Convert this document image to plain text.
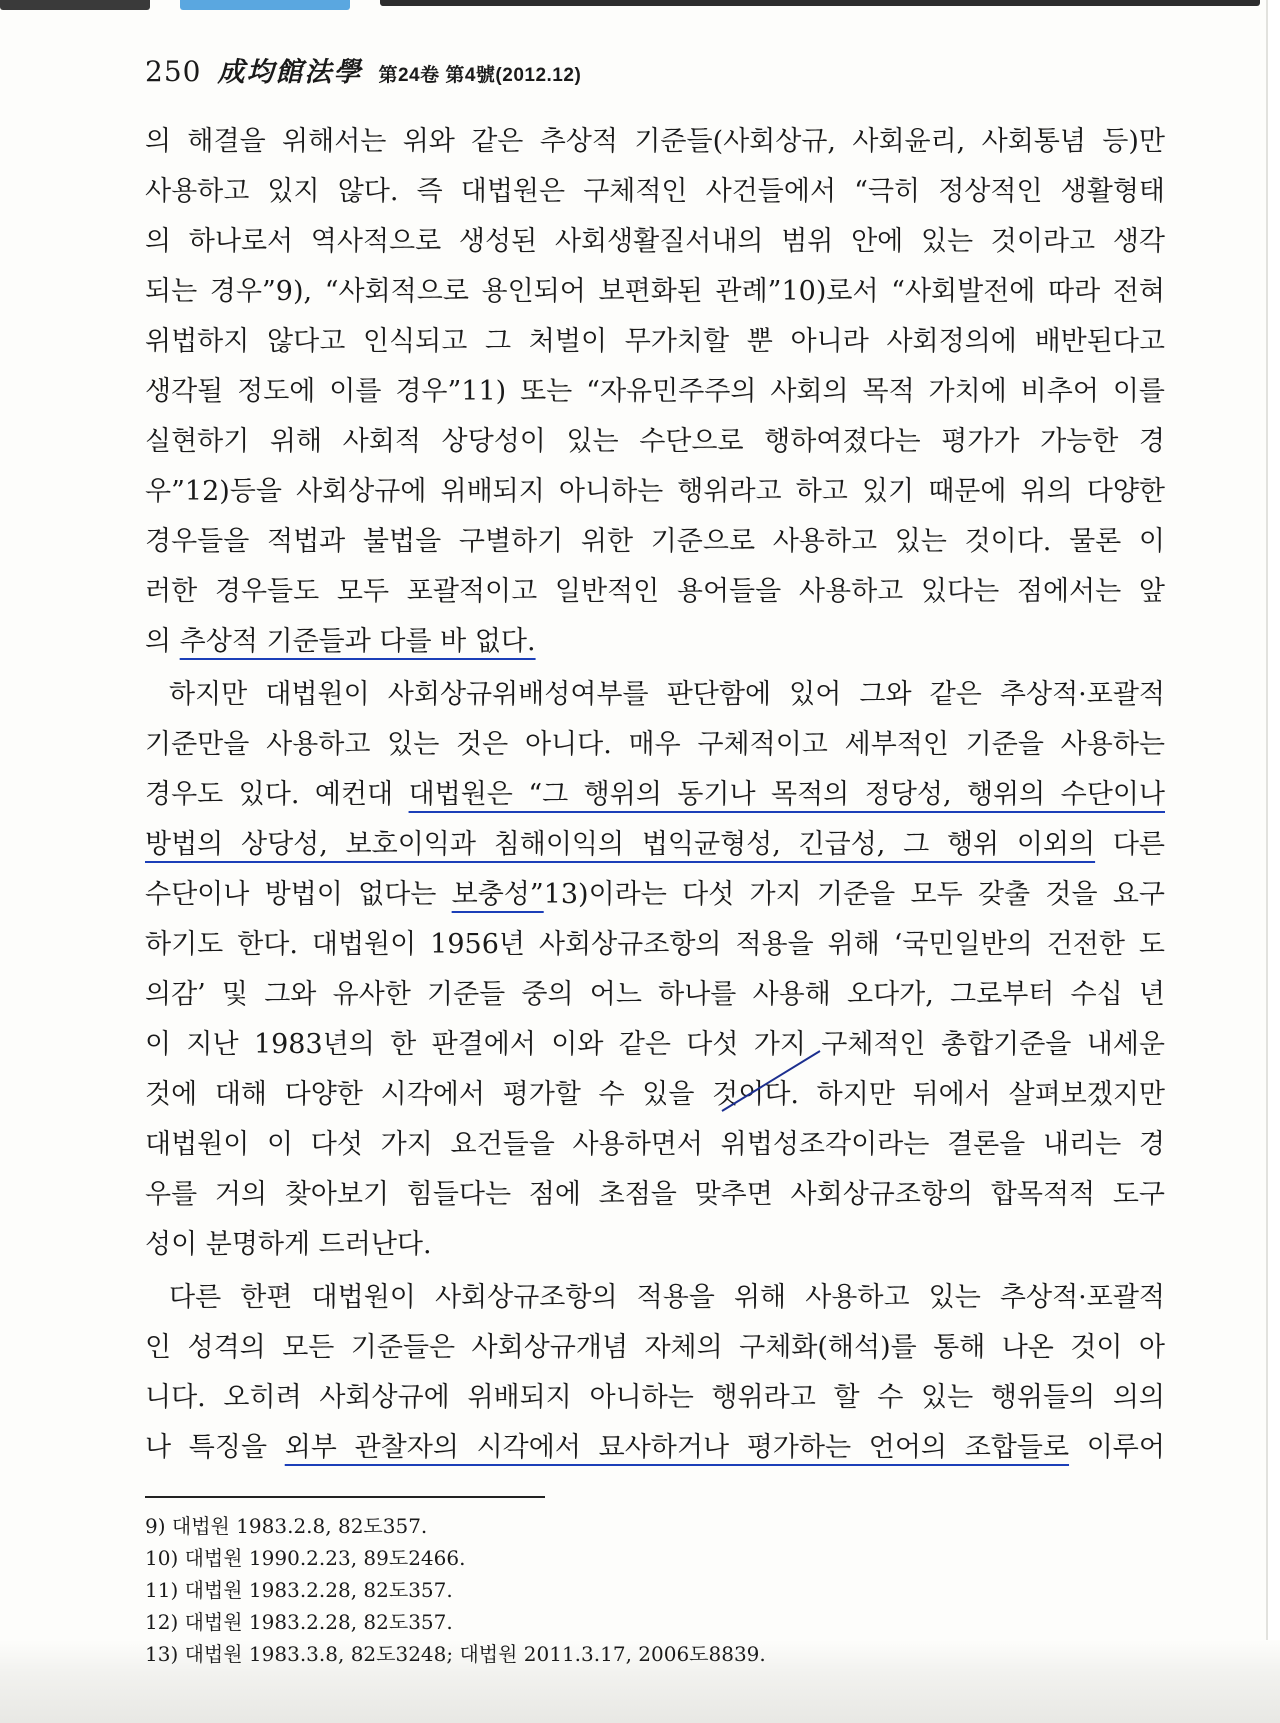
250 成均館法學 第24卷 第4號(2012.12)
의 해결을 위해서는 위와 같은 추상적 기준들(사회상규, 사회윤리, 사회통념 등)만
사용하고 있지 않다. 즉 대법원은 구체적인 사건들에서 “극히 정상적인 생활형태
의 하나로서 역사적으로 생성된 사회생활질서내의 범위 안에 있는 것이라고 생각
되는 경우”9), “사회적으로 용인되어 보편화된 관례”10)로서 “사회발전에 따라 전혀
위법하지 않다고 인식되고 그 처벌이 무가치할 뿐 아니라 사회정의에 배반된다고
생각될 정도에 이를 경우”11) 또는 “자유민주주의 사회의 목적 가치에 비추어 이를
실현하기 위해 사회적 상당성이 있는 수단으로 행하여졌다는 평가가 가능한 경
우”12)등을 사회상규에 위배되지 아니하는 행위라고 하고 있기 때문에 위의 다양한
경우들을 적법과 불법을 구별하기 위한 기준으로 사용하고 있는 것이다. 물론 이
러한 경우들도 모두 포괄적이고 일반적인 용어들을 사용하고 있다는 점에서는 앞
의 추상적 기준들과 다를 바 없다.
하지만 대법원이 사회상규위배성여부를 판단함에 있어 그와 같은 추상적·포괄적
기준만을 사용하고 있는 것은 아니다. 매우 구체적이고 세부적인 기준을 사용하는
경우도 있다. 예컨대 대법원은 “그 행위의 동기나 목적의 정당성, 행위의 수단이나
방법의 상당성, 보호이익과 침해이익의 법익균형성, 긴급성, 그 행위 이외의 다른
수단이나 방법이 없다는 보충성”13)이라는 다섯 가지 기준을 모두 갖출 것을 요구
하기도 한다. 대법원이 1956년 사회상규조항의 적용을 위해 ‘국민일반의 건전한 도
의감’ 및 그와 유사한 기준들 중의 어느 하나를 사용해 오다가, 그로부터 수십 년
이 지난 1983년의 한 판결에서 이와 같은 다섯 가지 구체적인 총합기준을 내세운
것에 대해 다양한 시각에서 평가할 수 있을 것이다. 하지만 뒤에서 살펴보겠지만
대법원이 이 다섯 가지 요건들을 사용하면서 위법성조각이라는 결론을 내리는 경
우를 거의 찾아보기 힘들다는 점에 초점을 맞추면 사회상규조항의 합목적적 도구
성이 분명하게 드러난다.
다른 한편 대법원이 사회상규조항의 적용을 위해 사용하고 있는 추상적·포괄적
인 성격의 모든 기준들은 사회상규개념 자체의 구체화(해석)를 통해 나온 것이 아
니다. 오히려 사회상규에 위배되지 아니하는 행위라고 할 수 있는 행위들의 의의
나 특징을 외부 관찰자의 시각에서 묘사하거나 평가하는 언어의 조합들로 이루어
9) 대법원 1983.2.8, 82도357.
10) 대법원 1990.2.23, 89도2466.
11) 대법원 1983.2.28, 82도357.
12) 대법원 1983.2.28, 82도357.
13) 대법원 1983.3.8, 82도3248; 대법원 2011.3.17, 2006도8839.
